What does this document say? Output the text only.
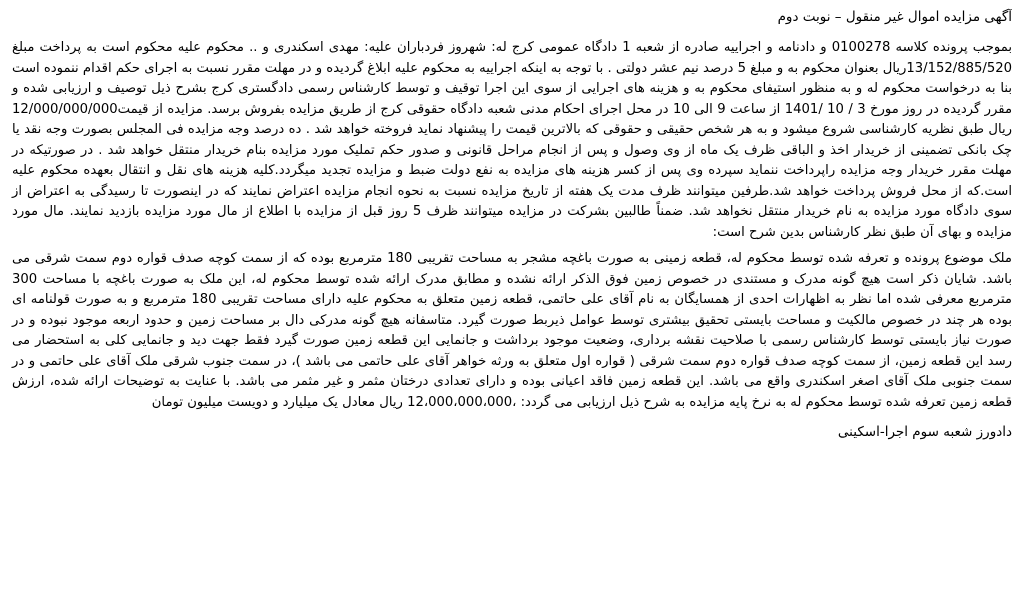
آگهی مزایده اموال غیر منقول – نوبت دوم

بموجب پرونده کلاسه 0100278 و دادنامه و اجراییه صادره از شعبه 1 دادگاه عمومی کرج له: شهروز فردباران علیه: مهدی اسکندری و .. محکوم علیه محکوم است به پرداخت مبلغ 13/152/885/520ریال بعنوان محکوم به و مبلغ 5 درصد نیم عشر دولتی . با توجه به اینکه اجراییه به محکوم علیه ابلاغ گردیده و در مهلت مقرر نسبت به اجرای حکم اقدام ننموده است بنا به درخواست محکوم له و به منظور استیفای محکوم به و هزینه های اجرایی از سوی این اجرا توقیف و توسط کارشناس رسمی دادگستری کرج بشرح ذیل توصیف و ارزیابی شده و مقرر گردیده در روز مورخ 3 / 10 /1401 از ساعت 9 الی 10 در محل اجرای احکام مدنی شعبه دادگاه حقوقی کرج از طریق مزایده بفروش برسد. مزایده از قیمت12/000/000/000 ریال طبق نظریه کارشناسی شروع میشود و به هر شخص حقیقی و حقوقی که بالاترین قیمت را پیشنهاد نماید فروخته خواهد شد . ده درصد وجه مزایده فی المجلس بصورت وجه نقد یا چک بانکی تضمینی از خریدار اخذ و الباقی ظرف یک ماه از وی وصول و پس از انجام مراحل قانونی و صدور حکم تملیک مورد مزایده بنام خریدار منتقل خواهد شد . در صورتیکه در مهلت مقرر خریدار وجه مزایده راپرداخت ننماید سپرده وی پس از کسر هزینه های مزایده به نفع دولت ضبط و مزایده تجدید میگردد.کلیه هزینه های نقل و انتقال بعهده محکوم علیه است.که از محل فروش پرداخت خواهد شد.طرفین میتوانند ظرف مدت یک هفته از تاریخ مزایده نسبت به نحوه انجام مزایده اعتراض نمایند که در اینصورت تا رسیدگی به اعتراض از سوی دادگاه مورد مزایده به نام خریدار منتقل نخواهد شد. ضمناً طالبین بشرکت در مزایده میتوانند ظرف 5 روز قبل از مزایده با اطلاع از مال مورد مزایده بازدید نمایند. مال مورد مزایده و بهای آن طبق نظر کارشناس بدین شرح است:

ملک موضوع پرونده و تعرفه شده توسط محکوم له، قطعه زمینی به صورت باغچه مشجر به مساحت تقریبی 180 مترمربع بوده که از سمت کوچه صدف قواره دوم سمت شرقی می باشد. شایان ذکر است هیچ گونه مدرک و مستندی در خصوص زمین فوق الذکر ارائه نشده و مطابق مدرک ارائه شده توسط محکوم له، این ملک به صورت باغچه با مساحت 300 مترمربع معرفی شده اما نظر به اظهارات احدی از همسایگان به نام آقای علی حاتمی، قطعه زمین متعلق به محکوم علیه دارای مساحت تقریبی 180 مترمربع و به صورت قولنامه ای بوده هر چند در خصوص مالکیت و مساحت بایستی تحقیق بیشتری توسط عوامل ذیربط صورت گیرد. متاسفانه هیچ گونه مدرکی دال بر مساحت زمین و حدود اربعه موجود نبوده و در صورت نیاز بایستی توسط کارشناس رسمی با صلاحیت نقشه برداری، وضعیت موجود برداشت و جانمایی این قطعه زمین صورت گیرد فقط جهت دید و جانمایی کلی به استحضار می رسد این قطعه زمین، از سمت کوچه صدف قواره دوم سمت شرقی ( قواره اول متعلق به ورثه خواهر آقای علی حاتمی می باشد )، در سمت جنوب شرقی ملک آقای علی حاتمی و در سمت جنوبی ملک آقای اصغر اسکندری واقع می باشد. این قطعه زمین فاقد اعیانی بوده و دارای تعدادی درختان مثمر و غیر مثمر می باشد. با عنایت به توضیحات ارائه شده، ارزش قطعه زمین تعرفه شده توسط محکوم له به نرخ پایه مزایده به شرح ذیل ارزیابی می گردد: ،12،000،000،000 ریال معادل یک میلیارد و دویست میلیون تومان

دادورز شعبه سوم اجرا-اسکینی
